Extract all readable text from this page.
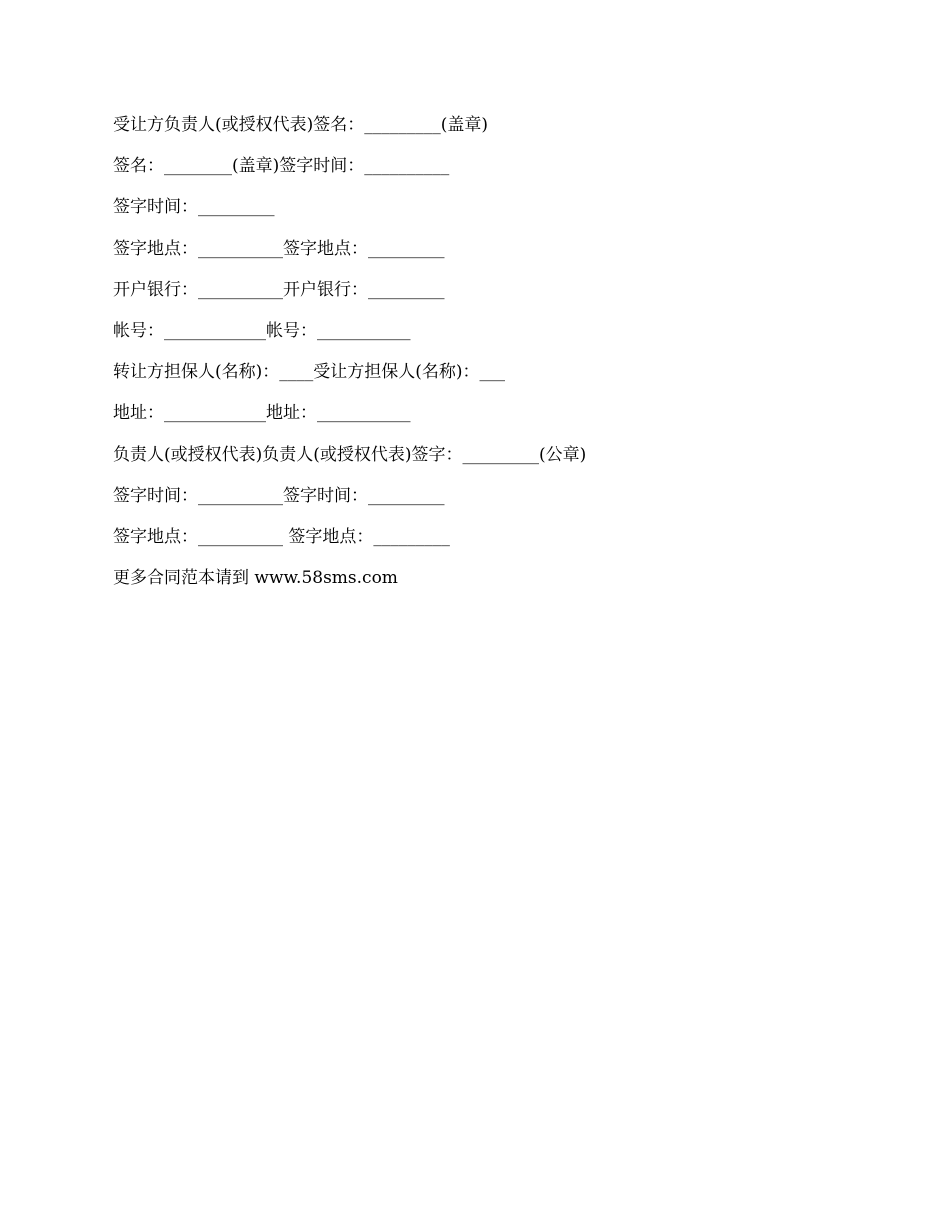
受让方负责人(或授权代表)签名：_________(盖章)
签名：________(盖章)签字时间：__________
签字时间：_________
签字地点：__________签字地点：_________
开户银行：__________开户银行：_________
帐号：____________帐号：___________
转让方担保人(名称)：____受让方担保人(名称)：___
地址：____________地址：___________
负责人(或授权代表)负责人(或授权代表)签字：_________(公章)
签字时间：__________签字时间：_________
签字地点：__________ 签字地点：_________
更多合同范本请到 www.58sms.com
